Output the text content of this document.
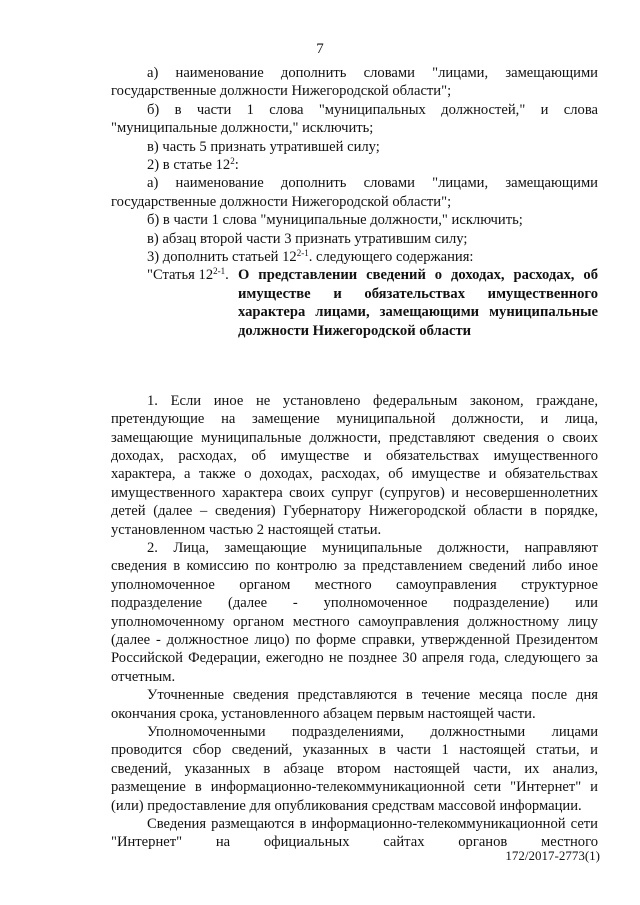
7

а) наименование дополнить словами "лицами, замещающими государственные должности Нижегородской области";

б) в части 1 слова "муниципальных должностей," и слова "муниципальные должности," исключить;

в) часть 5 признать утратившей силу;

2) в статье $12^2$:

а) наименование дополнить словами "лицами, замещающими государственные должности Нижегородской области";

б) в части 1 слова "муниципальные должности," исключить;

в) абзац второй части 3 признать утратившим силу;

3) дополнить статьей 12$^{2-1}$. следующего содержания:

"Статья 12$^{2-1}$. О представлении сведений о доходах, расходах, об имуществе и обязательствах имущественного характера лицами, замещающими муниципальные должности Нижегородской области

1. Если иное не установлено федеральным законом, граждане, претендующие на замещение муниципальной должности, и лица, замещающие муниципальные должности, представляют сведения о своих доходах, расходах, об имуществе и обязательствах имущественного характера, а также о доходах, расходах, об имуществе и обязательствах имущественного характера своих супруг (супругов) и несовершеннолетних детей (далее – сведения) Губернатору Нижегородской области в порядке, установленном частью 2 настоящей статьи.

2. Лица, замещающие муниципальные должности, направляют сведения в комиссию по контролю за представлением сведений либо иное уполномоченное органом местного самоуправления структурное подразделение (далее - уполномоченное подразделение) или уполномоченному органом местного самоуправления должностному лицу (далее - должностное лицо) по форме справки, утвержденной Президентом Российской Федерации, ежегодно не позднее 30 апреля года, следующего за отчетным.

Уточненные сведения представляются в течение месяца после дня окончания срока, установленного абзацем первым настоящей части.

Уполномоченными подразделениями, должностными лицами проводится сбор сведений, указанных в части 1 настоящей статьи, и сведений, указанных в абзаце втором настоящей части, их анализ, размещение в информационно-телекоммуникационной сети "Интернет" и (или) предоставление для опубликования средствам массовой информации.

Сведения размещаются в информационно-телекоммуникационной сети "Интернет" на официальных сайтах органов местного

172/2017-2773(1)
